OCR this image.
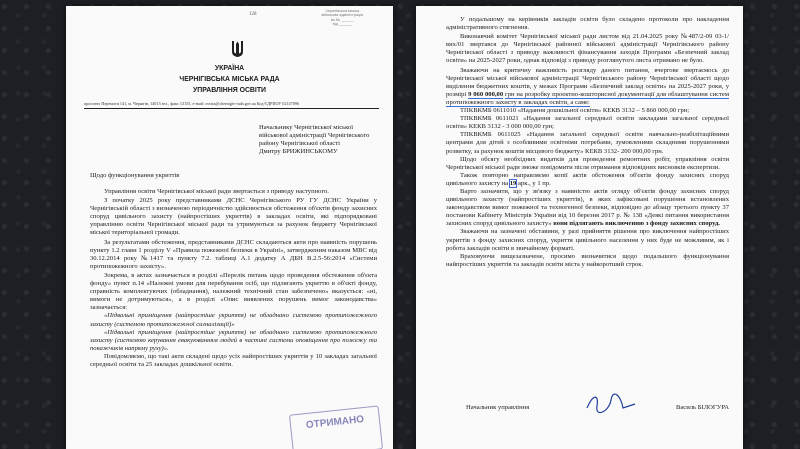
128
Чернігівська міська
військова адміністрація
вх.№ ______
від ______
УКРАЇНА
ЧЕРНІГІВСЬКА МІСЬКА РАДА
УПРАВЛІННЯ ОСВІТИ
проспект Перемоги 141, м. Чернігів, 14013 тел., факс 13155, e-mail: osvita@chernigiv-rada.gov.ua Код ЄДРПОУ 02147096
Начальнику Чернігівської міської
військової адміністрації Чернігівського
району Чернігівської області
Дмитру БРИЖИНСЬКОМУ
Щодо функціонування укриттів

Управління освіти Чернігівської міської ради звертається з приводу наступного.

З початку 2025 року представниками ДСНС Чернігівського РУ ГУ ДСНС України у Чернігівській області з визначеною періодичністю здійснюється обстеження об'єктів фонду захисних споруд цивільного захисту (найпростіших укриттів) в закладах освіти, які підпорядковані управлінню освіти Чернігівської міської ради та утримуються за рахунок бюджету Чернігівської міської територіальної громади.

За результатами обстеження, представниками ДСНС складаються акти про наявність порушень пункту 1.2 глави 1 розділу V «Правила пожежної безпеки в Україні», затвердженим наказом МВС від 30.12.2014 року №1417 та пункту 7.2. таблиці А.1 додатку А ДБН В.2.5-56:2014 «Системи протипожежного захисту».

Зокрема, в актах зазначається в розділі «Перелік питань щодо проведення обстеження об'єкта фонду» пункт п.14 «Належні умови для перебування осіб, що підлягають укриттю в об'єкті фонду, справність комплектуючих (обладнання), належний технічний стан забезпечено» вказується: «ні, вимоги не дотримуються», а в розділі «Опис виявлених порушень вимог законодавства» зазначається:

«Підвальні приміщення (найпростіше укриття) не обладнано системою протипожежного захисту (системою протипожежної сигналізації)»

«Підвальні приміщення (найпростіше укриття) не обладнано системою протипожежного захисту (системою керування евакуюванням людей в частині системи оповіщення про пожежу та покажчиків напряму руху)».

Повідомляємо, що такі акти складені щодо усіх найпростіших укриттів у 10 закладах загальної середньої освіти та 25 закладах дошкільної освіти.

ОТРИМАНО

У подальшому на керівників закладів освіти було складено протоколи про накладення адміністративного стягнення.

Виконавчий комітет Чернігівської міської ради листом від 21.04.2025 року №487/2-09 03-1/вих/01 звертався до Чернігівської районної військової адміністрації Чернігівського району Чернігівської області з приводу важливості фінансування заходів Програми «Безпечний заклад освіти» на 2025-2027 роки, однак відповіді з приводу розглянутого листа отримано не було.

Зважаючи на критичну важливість розгляду даного питання, вчергове звертаємось до Чернігівської міської військової адміністрації Чернігівського району Чернігівської області щодо виділення бюджетних коштів, у межах Програми «Безпечний заклад освіти» на 2025-2027 роки, у розмірі 9 060 000,00 грн на розробку проектно-кошторисної документації для облаштування систем протипожежного захисту в закладах освіти, а саме:

ТПКВКМБ 0611010 «Надання дошкільної освіти» КЕКВ 3132 – 5 860 000,00 грн;

ТПКВКМБ 0611021 «Надання загальної середньої освіти закладами загальної середньої освіти» КЕКВ 3132 - 3 000 000,00 грн;

ТПКВКМБ 0611025 «Надання загальної середньої освіти навчально-реабілітаційними центрами для дітей з особливими освітніми потребами, зумовленими складними порушеннями розвитку, за рахунок коштів місцевого бюджету» КЕКВ 3132- 200 000,00 грн.

Щодо обсягу необхідних видатків для проведення ремонтних робіт, управління освіти Чернігівської міської ради зможе повідомити після отримання відповідних висновків експертизи.

Також повторно направляємо копії актів обстеження об'єктів фонду захисних споруд цивільного захисту на 19 арк., у 1 пр.

Варто зазначити, що у зв'язку з наявністю актів огляду об'єктів фонду захисних споруд цивільного захисту (найпростіших укриттів), в яких зафіксовані порушення встановлених законодавством вимог пожежної та техногенної безпеки, відповідно до абзацу третього пункту 37 постанови Кабінету Міністрів України від 10 березня 2017 р. № 138 «Деякі питання використання захисних споруд цивільного захисту» вони підлягають виключенню з фонду захисних споруд.

Зважаючи на зазначені обставини, у разі прийняття рішення про виключення найпростіших укриттів з фонду захисних споруд, укриття цивільного населення у них буде не можливим, як і робота закладів освіти в звичайному форматі.

Враховуючи вищезазначене, просимо визначитися щодо подальшого функціонування найпростіших укриттів та закладів освіти міста у найкоротший строк.

Начальник управління	Василь БІЛОГУРА
